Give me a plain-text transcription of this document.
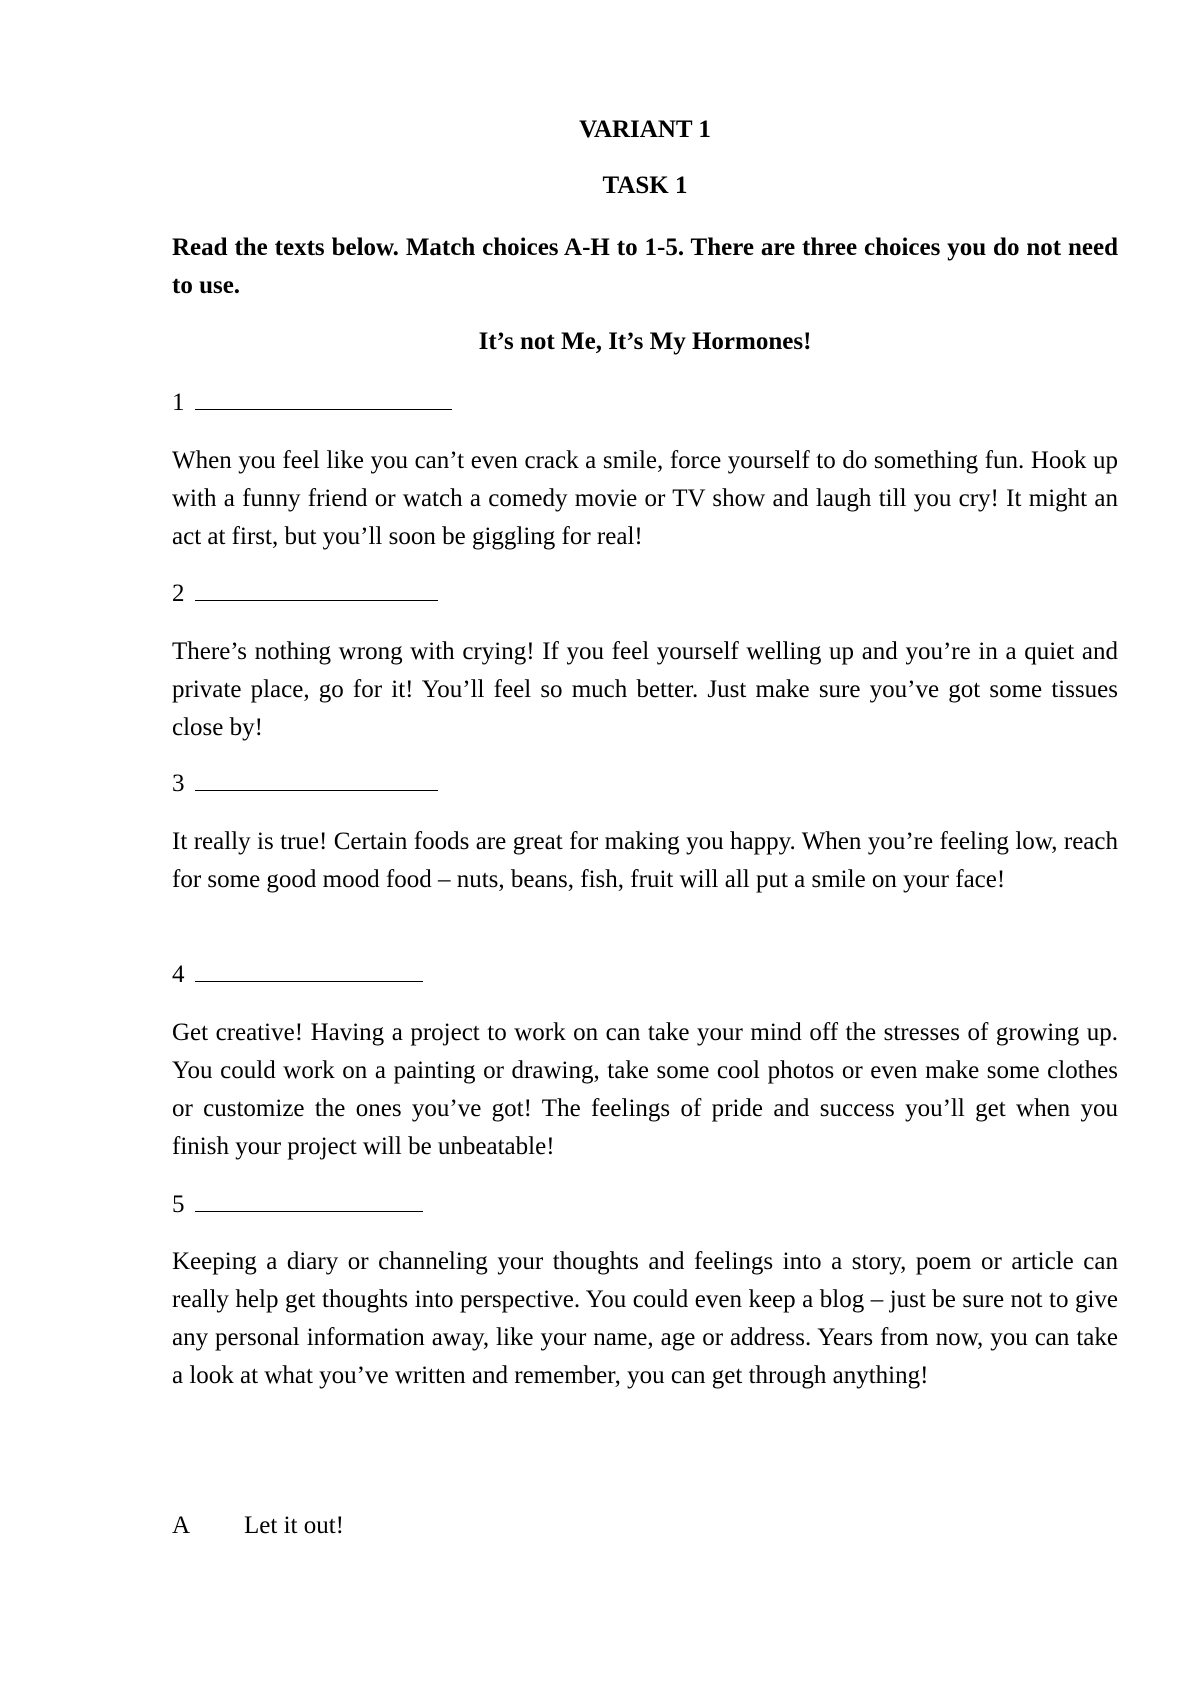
VARIANT 1
TASK 1
Read the texts below. Match choices A-H to 1-5. There are three choices you do not need to use.
It’s not Me, It’s My Hormones!
1
When you feel like you can’t even crack a smile, force yourself to do something fun. Hook up with a funny friend or watch a comedy movie or TV show and laugh till you cry! It might an act at first, but you’ll soon be giggling for real!
2
There’s nothing wrong with crying! If you feel yourself welling up and you’re in a quiet and private place, go for it! You’ll feel so much better. Just make sure you’ve got some tissues close by!
3
It really is true! Certain foods are great for making you happy. When you’re feeling low, reach for some good mood food – nuts, beans, fish, fruit will all put a smile on your face!
4
Get creative! Having a project to work on can take your mind off the stresses of growing up. You could work on a painting or drawing, take some cool photos or even make some clothes or customize the ones you’ve got! The feelings of pride and success you’ll get when you finish your project will be unbeatable!
5
Keeping a diary or channeling your thoughts and feelings into a story, poem or article can really help get thoughts into perspective. You could even keep a blog – just be sure not to give any personal information away, like your name, age or address. Years from now, you can take a look at what you’ve written and remember, you can get through anything!
A Let it out!
